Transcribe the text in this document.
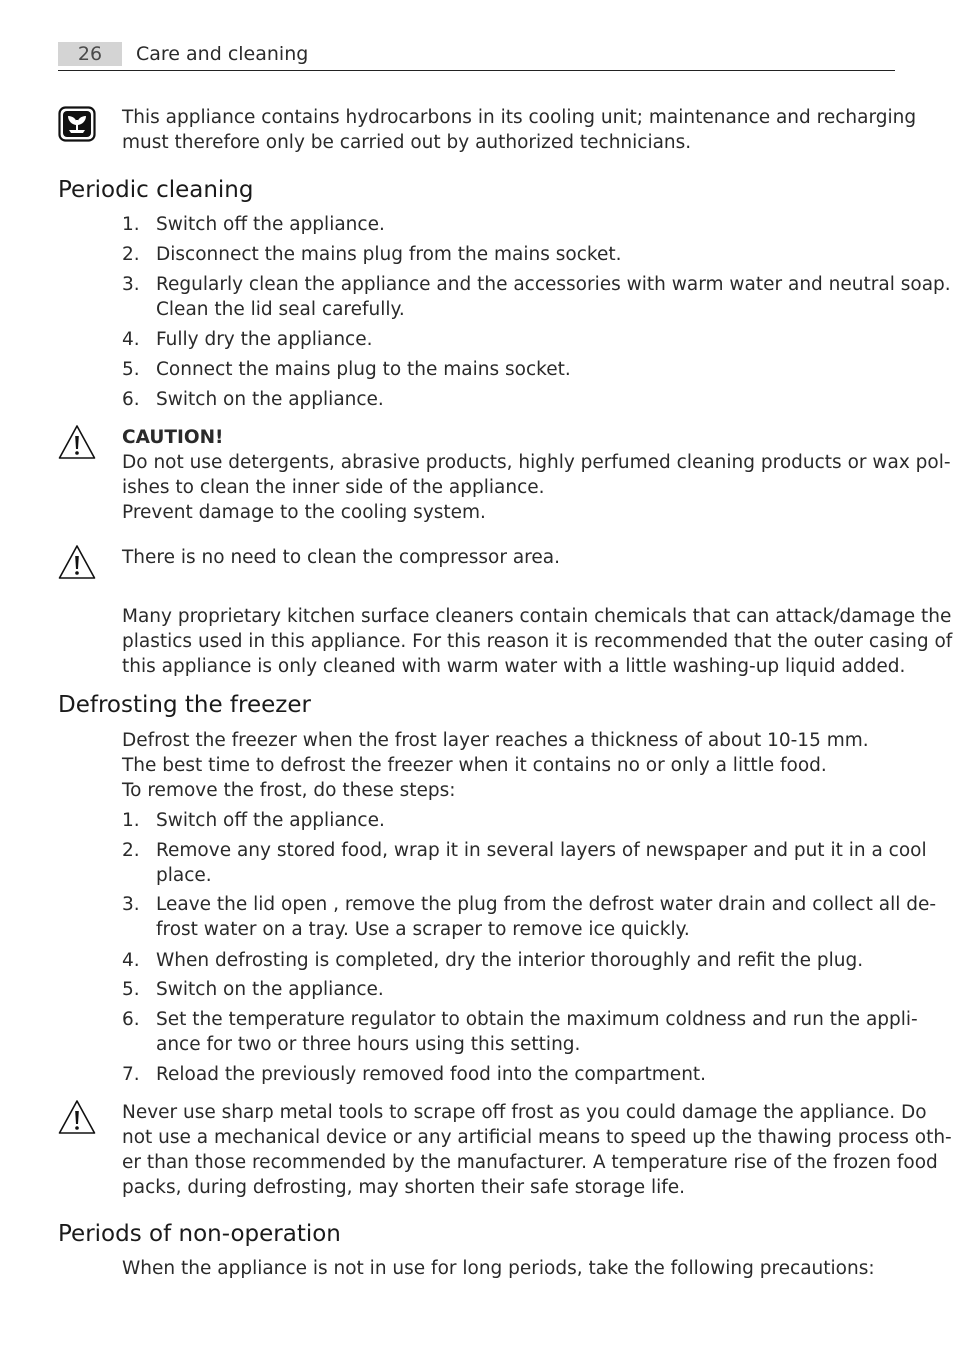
26	Care and cleaning
This appliance contains hydrocarbons in its cooling unit; maintenance and recharging
must therefore only be carried out by authorized technicians.
Periodic cleaning
1. Switch off the appliance.
2. Disconnect the mains plug from the mains socket.
3. Regularly clean the appliance and the accessories with warm water and neutral soap.
Clean the lid seal carefully.
4. Fully dry the appliance.
5. Connect the mains plug to the mains socket.
6. Switch on the appliance.
CAUTION!
Do not use detergents, abrasive products, highly perfumed cleaning products or wax pol-
ishes to clean the inner side of the appliance.
Prevent damage to the cooling system.
There is no need to clean the compressor area.
Many proprietary kitchen surface cleaners contain chemicals that can attack/damage the
plastics used in this appliance. For this reason it is recommended that the outer casing of
this appliance is only cleaned with warm water with a little washing-up liquid added.
Defrosting the freezer
Defrost the freezer when the frost layer reaches a thickness of about 10-15 mm.
The best time to defrost the freezer when it contains no or only a little food.
To remove the frost, do these steps:
1. Switch off the appliance.
2. Remove any stored food, wrap it in several layers of newspaper and put it in a cool
place.
3. Leave the lid open , remove the plug from the defrost water drain and collect all de-
frost water on a tray. Use a scraper to remove ice quickly.
4. When defrosting is completed, dry the interior thoroughly and refit the plug.
5. Switch on the appliance.
6. Set the temperature regulator to obtain the maximum coldness and run the appli-
ance for two or three hours using this setting.
7. Reload the previously removed food into the compartment.
Never use sharp metal tools to scrape off frost as you could damage the appliance. Do
not use a mechanical device or any artificial means to speed up the thawing process oth-
er than those recommended by the manufacturer. A temperature rise of the frozen food
packs, during defrosting, may shorten their safe storage life.
Periods of non-operation
When the appliance is not in use for long periods, take the following precautions:
